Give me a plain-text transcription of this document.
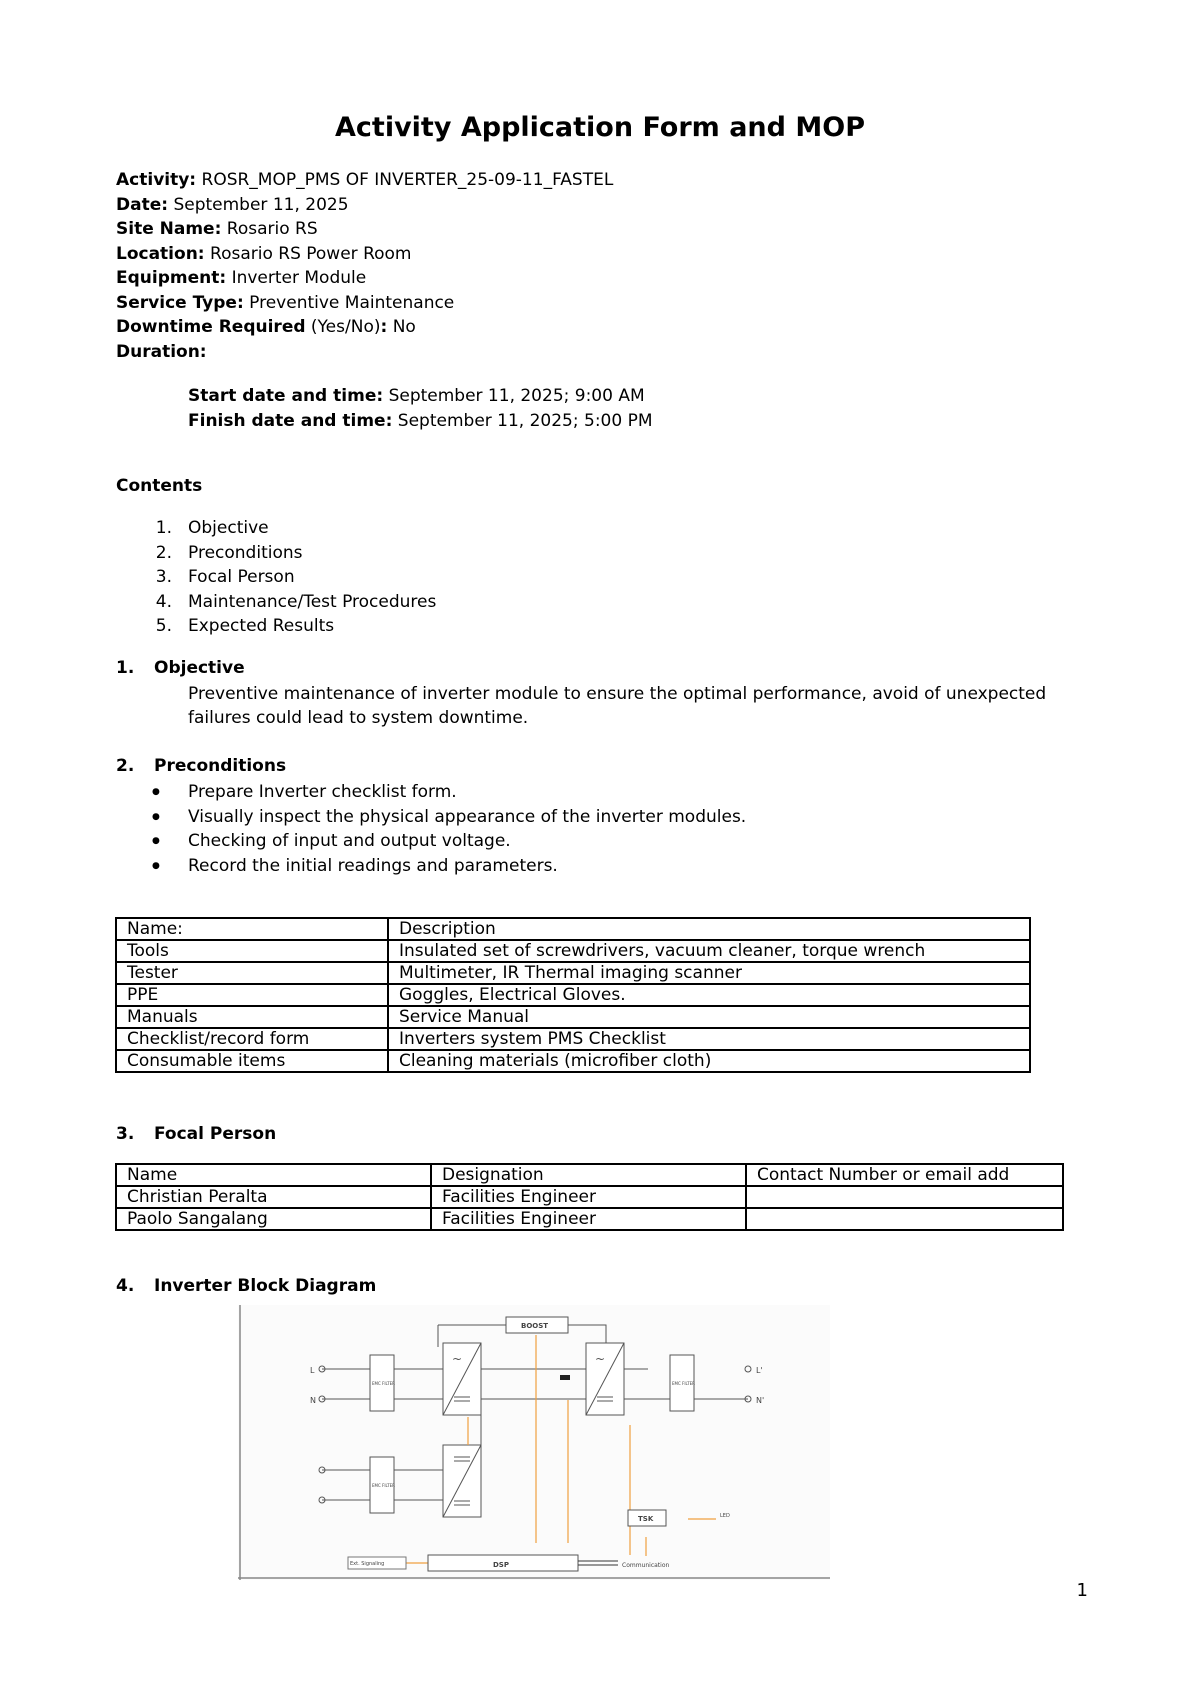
Activity Application Form and MOP
Activity: ROSR_MOP_PMS OF INVERTER_25-09-11_FASTEL
Date: September 11, 2025
Site Name: Rosario RS
Location: Rosario RS Power Room
Equipment: Inverter Module
Service Type: Preventive Maintenance
Downtime Required (Yes/No): No
Duration:
Start date and time: September 11, 2025; 9:00 AM
Finish date and time: September 11, 2025; 5:00 PM
Contents
1. Objective
2. Preconditions
3. Focal Person
4. Maintenance/Test Procedures
5. Expected Results
1. Objective
Preventive maintenance of inverter module to ensure the optimal performance, avoid of unexpected failures could lead to system downtime.
2. Preconditions
● Prepare Inverter checklist form.
● Visually inspect the physical appearance of the inverter modules.
● Checking of input and output voltage.
● Record the initial readings and parameters.
Name:	Description
Tools	Insulated set of screwdrivers, vacuum cleaner, torque wrench
Tester	Multimeter, IR Thermal imaging scanner
PPE	Goggles, Electrical Gloves.
Manuals	Service Manual
Checklist/record form	Inverters system PMS Checklist
Consumable items	Cleaning materials (microfiber cloth)
3. Focal Person
Name	Designation	Contact Number or email add
Christian Peralta	Facilities Engineer	
Paolo Sangalang	Facilities Engineer	
4. Inverter Block Diagram
L
N
EMC FILTER
EMC FILTER
EMC FILTER
~	~
BOOST
L'
N'
TSK	LED
DSP
Ext. Signaling	Communication
1
